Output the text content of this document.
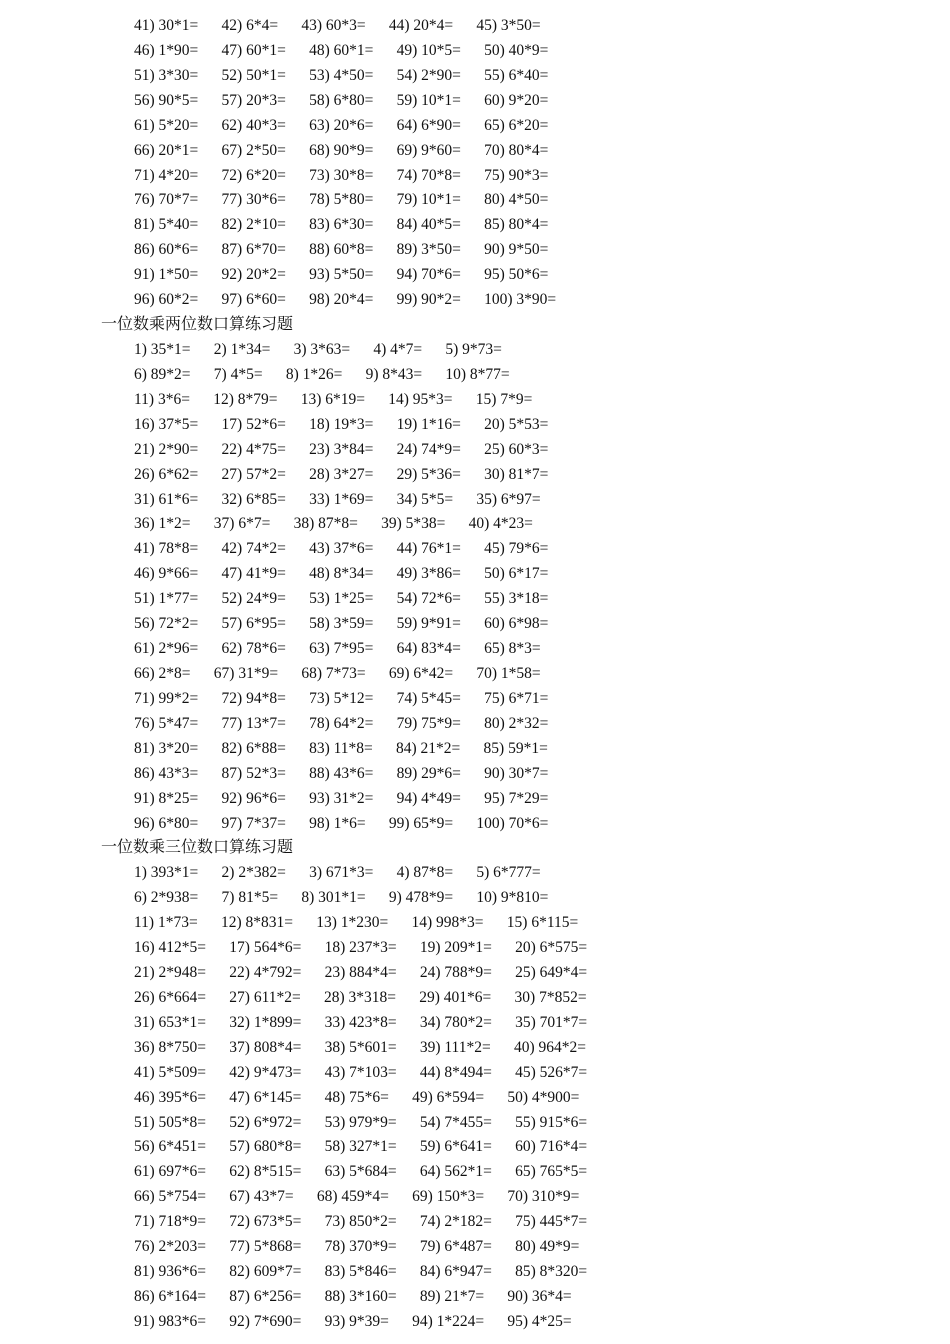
41) 30*1= 42) 6*4= 43) 60*3= 44) 20*4= 45) 3*50=
46) 1*90= 47) 60*1= 48) 60*1= 49) 10*5= 50) 40*9=
51) 3*30= 52) 50*1= 53) 4*50= 54) 2*90= 55) 6*40=
56) 90*5= 57) 20*3= 58) 6*80= 59) 10*1= 60) 9*20=
61) 5*20= 62) 40*3= 63) 20*6= 64) 6*90= 65) 6*20=
66) 20*1= 67) 2*50= 68) 90*9= 69) 9*60= 70) 80*4=
71) 4*20= 72) 6*20= 73) 30*8= 74) 70*8= 75) 90*3=
76) 70*7= 77) 30*6= 78) 5*80= 79) 10*1= 80) 4*50=
81) 5*40= 82) 2*10= 83) 6*30= 84) 40*5= 85) 80*4=
86) 60*6= 87) 6*70= 88) 60*8= 89) 3*50= 90) 9*50=
91) 1*50= 92) 20*2= 93) 5*50= 94) 70*6= 95) 50*6=
96) 60*2= 97) 6*60= 98) 20*4= 99) 90*2= 100) 3*90=
一位数乘两位数口算练习题
1) 35*1= 2) 1*34= 3) 3*63= 4) 4*7= 5) 9*73=
6) 89*2= 7) 4*5= 8) 1*26= 9) 8*43= 10) 8*77=
11) 3*6= 12) 8*79= 13) 6*19= 14) 95*3= 15) 7*9=
16) 37*5= 17) 52*6= 18) 19*3= 19) 1*16= 20) 5*53=
21) 2*90= 22) 4*75= 23) 3*84= 24) 74*9= 25) 60*3=
26) 6*62= 27) 57*2= 28) 3*27= 29) 5*36= 30) 81*7=
31) 61*6= 32) 6*85= 33) 1*69= 34) 5*5= 35) 6*97=
36) 1*2= 37) 6*7= 38) 87*8= 39) 5*38= 40) 4*23=
41) 78*8= 42) 74*2= 43) 37*6= 44) 76*1= 45) 79*6=
46) 9*66= 47) 41*9= 48) 8*34= 49) 3*86= 50) 6*17=
51) 1*77= 52) 24*9= 53) 1*25= 54) 72*6= 55) 3*18=
56) 72*2= 57) 6*95= 58) 3*59= 59) 9*91= 60) 6*98=
61) 2*96= 62) 78*6= 63) 7*95= 64) 83*4= 65) 8*3=
66) 2*8= 67) 31*9= 68) 7*73= 69) 6*42= 70) 1*58=
71) 99*2= 72) 94*8= 73) 5*12= 74) 5*45= 75) 6*71=
76) 5*47= 77) 13*7= 78) 64*2= 79) 75*9= 80) 2*32=
81) 3*20= 82) 6*88= 83) 11*8= 84) 21*2= 85) 59*1=
86) 43*3= 87) 52*3= 88) 43*6= 89) 29*6= 90) 30*7=
91) 8*25= 92) 96*6= 93) 31*2= 94) 4*49= 95) 7*29=
96) 6*80= 97) 7*37= 98) 1*6= 99) 65*9= 100) 70*6=
一位数乘三位数口算练习题
1) 393*1= 2) 2*382= 3) 671*3= 4) 87*8= 5) 6*777=
6) 2*938= 7) 81*5= 8) 301*1= 9) 478*9= 10) 9*810=
11) 1*73= 12) 8*831= 13) 1*230= 14) 998*3= 15) 6*115=
16) 412*5= 17) 564*6= 18) 237*3= 19) 209*1= 20) 6*575=
21) 2*948= 22) 4*792= 23) 884*4= 24) 788*9= 25) 649*4=
26) 6*664= 27) 611*2= 28) 3*318= 29) 401*6= 30) 7*852=
31) 653*1= 32) 1*899= 33) 423*8= 34) 780*2= 35) 701*7=
36) 8*750= 37) 808*4= 38) 5*601= 39) 111*2= 40) 964*2=
41) 5*509= 42) 9*473= 43) 7*103= 44) 8*494= 45) 526*7=
46) 395*6= 47) 6*145= 48) 75*6= 49) 6*594= 50) 4*900=
51) 505*8= 52) 6*972= 53) 979*9= 54) 7*455= 55) 915*6=
56) 6*451= 57) 680*8= 58) 327*1= 59) 6*641= 60) 716*4=
61) 697*6= 62) 8*515= 63) 5*684= 64) 562*1= 65) 765*5=
66) 5*754= 67) 43*7= 68) 459*4= 69) 150*3= 70) 310*9=
71) 718*9= 72) 673*5= 73) 850*2= 74) 2*182= 75) 445*7=
76) 2*203= 77) 5*868= 78) 370*9= 79) 6*487= 80) 49*9=
81) 936*6= 82) 609*7= 83) 5*846= 84) 6*947= 85) 8*320=
86) 6*164= 87) 6*256= 88) 3*160= 89) 21*7= 90) 36*4=
91) 983*6= 92) 7*690= 93) 9*39= 94) 1*224= 95) 4*25=
